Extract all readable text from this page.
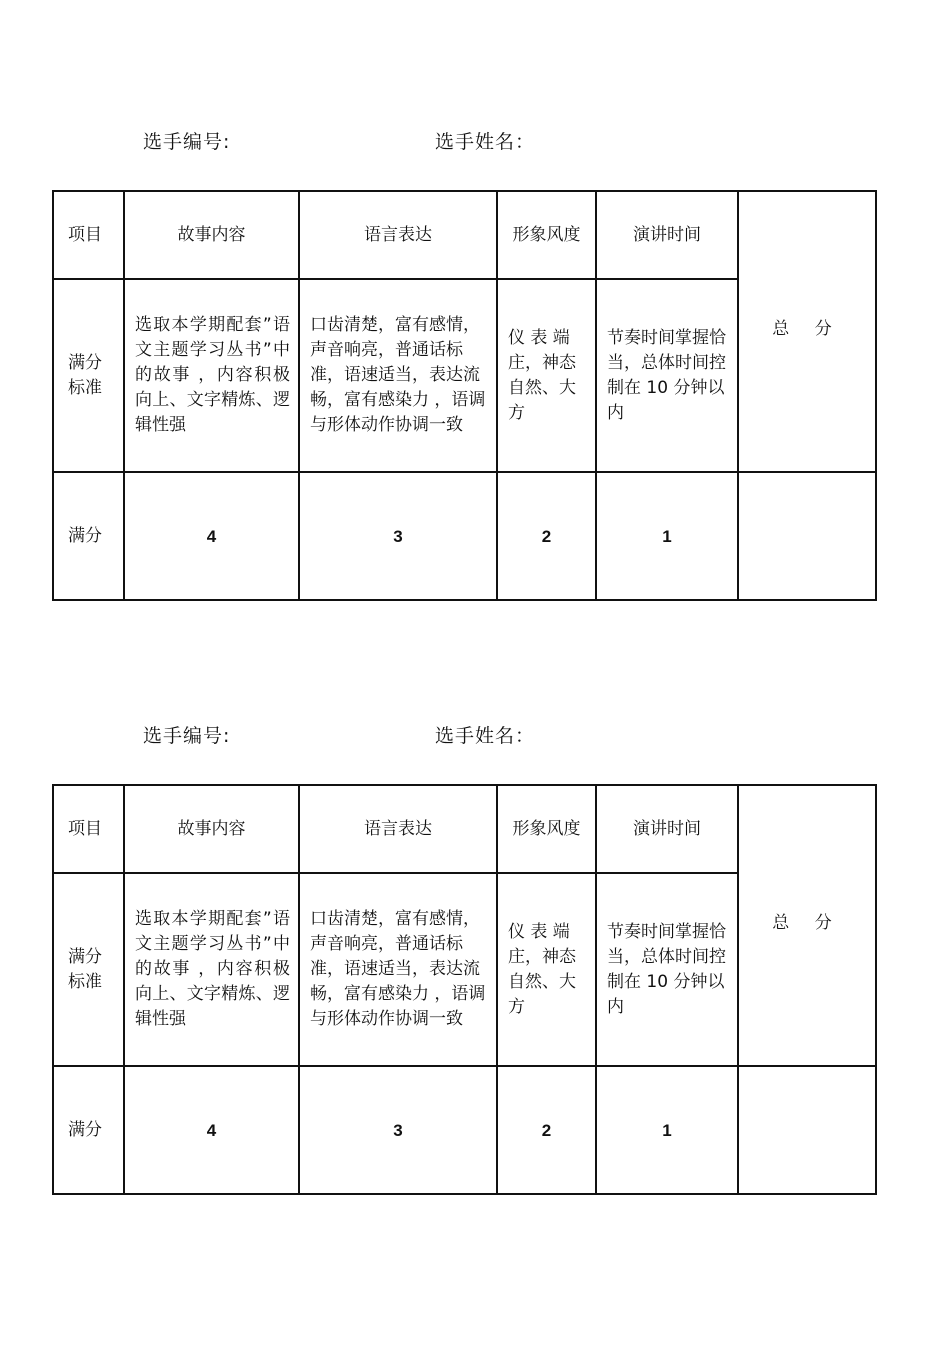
选手编号:	选手姓名：
项目	故事内容	语言表达	形象风度	演讲时间	总 分

满分标准	选取本学期配套”语文主题学习丛书”中的故事 ，内容积极向上、文字精炼、逻辑性强	口齿清楚，富有感情，声音响亮，普通话标准，语速适当，表达流畅，富有感染力 ，语调与形体动作协调一致	仪 表 端 庄，神态自然、大方	节奏时间掌握恰当，总体时间控制在 10 分钟以内	
满分	4	3	2	1	
选手编号:	选手姓名：
项目	故事内容	语言表达	形象风度	演讲时间	总 分

满分标准	选取本学期配套”语文主题学习丛书”中的故事 ，内容积极向上、文字精炼、逻辑性强	口齿清楚，富有感情，声音响亮，普通话标准，语速适当，表达流畅，富有感染力 ，语调与形体动作协调一致	仪 表 端 庄，神态自然、大方	节奏时间掌握恰当，总体时间控制在 10 分钟以内	
满分	4	3	2	1	
